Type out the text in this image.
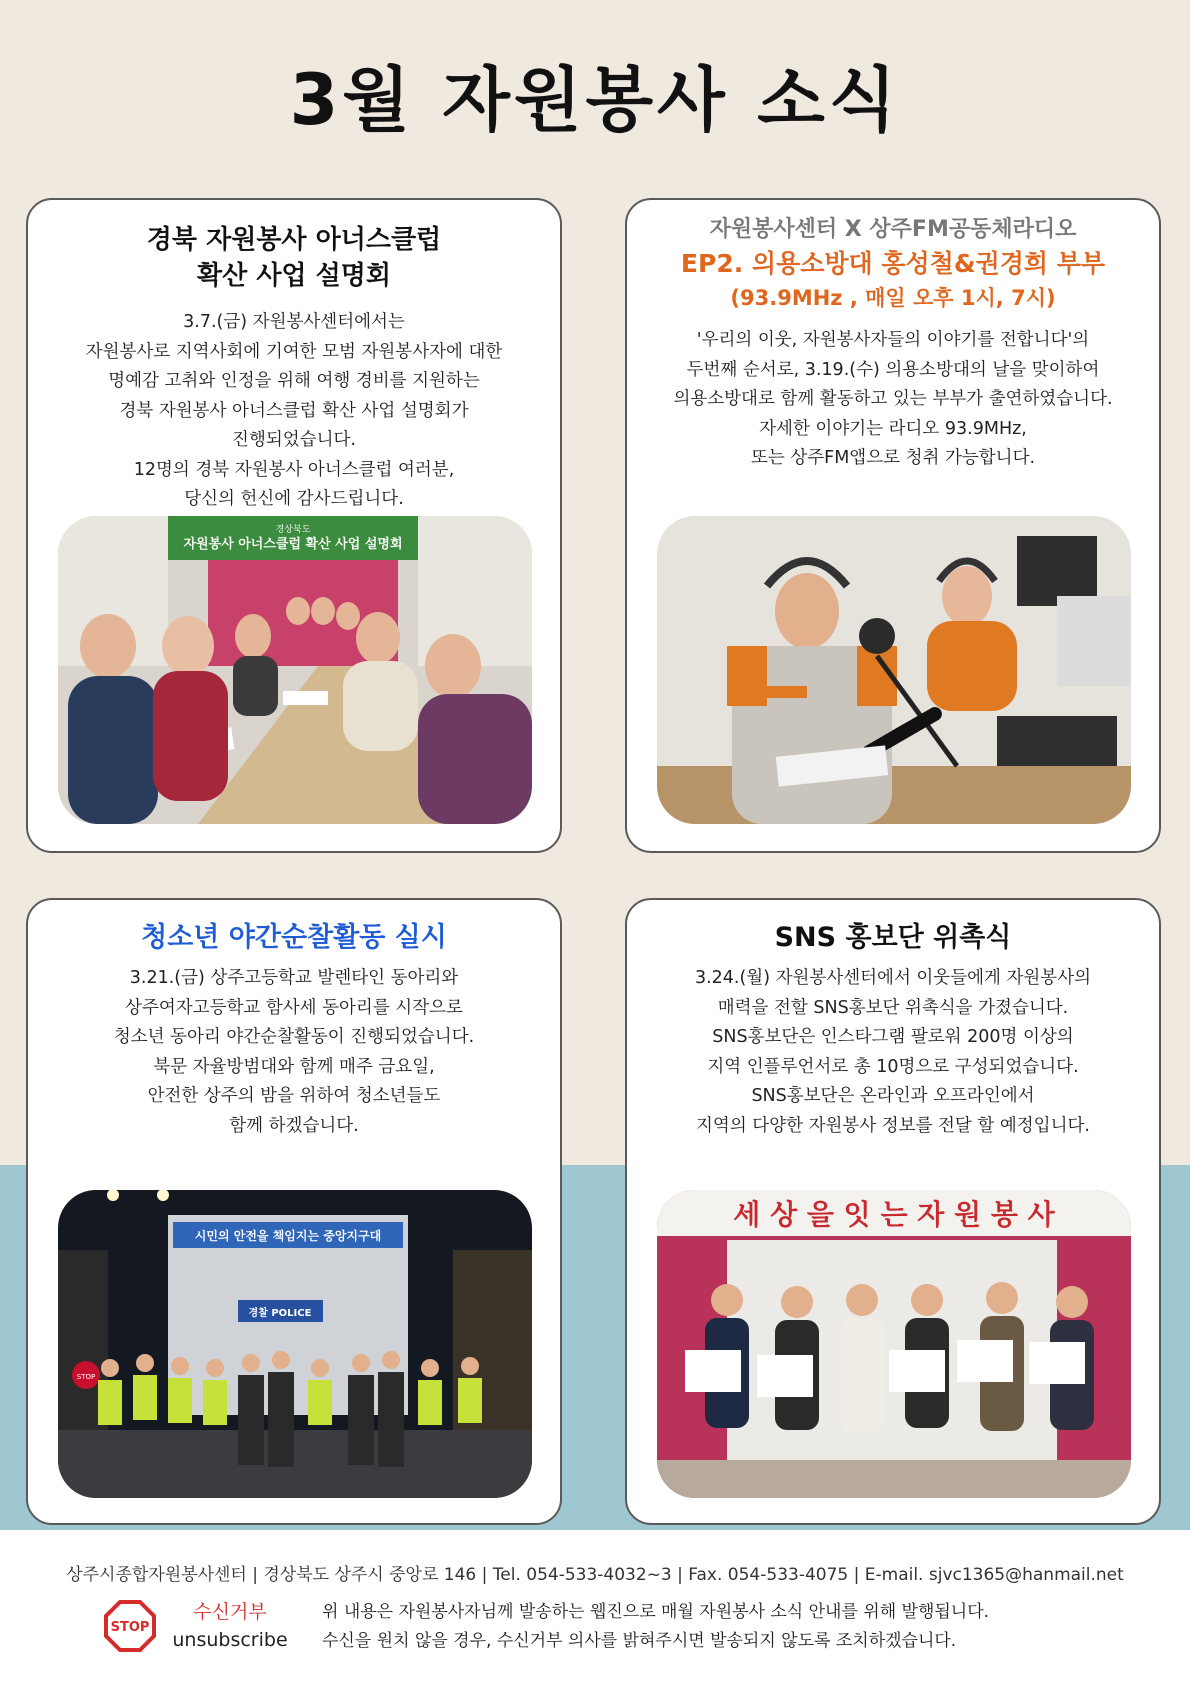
3월 자원봉사 소식
경북 자원봉사 아너스클럽
확산 사업 설명회
3.7.(금) 자원봉사센터에서는
자원봉사로 지역사회에 기여한 모범 자원봉사자에 대한
명예감 고취와 인정을 위해 여행 경비를 지원하는
경북 자원봉사 아너스클럽 확산 사업 설명회가
진행되었습니다.
12명의 경북 자원봉사 아너스클럽 여러분,
당신의 헌신에 감사드립니다.
경상북도
자원봉사 아너스클럽 확산 사업 설명회
자원봉사센터 X 상주FM공동체라디오
EP2. 의용소방대 홍성철&권경희 부부
(93.9MHz , 매일 오후 1시, 7시)
'우리의 이웃, 자원봉사자들의 이야기를 전합니다'의
두번째 순서로, 3.19.(수) 의용소방대의 날을 맞이하여
의용소방대로 함께 활동하고 있는 부부가 출연하였습니다.
자세한 이야기는 라디오 93.9MHz,
또는 상주FM앱으로 청취 가능합니다.
청소년 야간순찰활동 실시
3.21.(금) 상주고등학교 발렌타인 동아리와
상주여자고등학교 함사세 동아리를 시작으로
청소년 동아리 야간순찰활동이 진행되었습니다.
북문 자율방범대와 함께 매주 금요일,
안전한 상주의 밤을 위하여 청소년들도
함께 하겠습니다.
시민의 안전을 책임지는 중앙지구대
경찰 POLICE
STOP
SNS 홍보단 위촉식
3.24.(월) 자원봉사센터에서 이웃들에게 자원봉사의
매력을 전할 SNS홍보단 위촉식을 가졌습니다.
SNS홍보단은 인스타그램 팔로워 200명 이상의
지역 인플루언서로 총 10명으로 구성되었습니다.
SNS홍보단은 온라인과 오프라인에서
지역의 다양한 자원봉사 정보를 전달 할 예정입니다.
세 상 을 잇 는 자 원 봉 사
상주시종합자원봉사센터 | 경상북도 상주시 중앙로 146 | Tel. 054-533-4032~3 | Fax. 054-533-4075 | E-mail. sjvc1365@hanmail.net
STOP
수신거부
unsubscribe
위 내용은 자원봉사자님께 발송하는 웹진으로 매월 자원봉사 소식 안내를 위해 발행됩니다.
수신을 원치 않을 경우, 수신거부 의사를 밝혀주시면 발송되지 않도록 조치하겠습니다.
